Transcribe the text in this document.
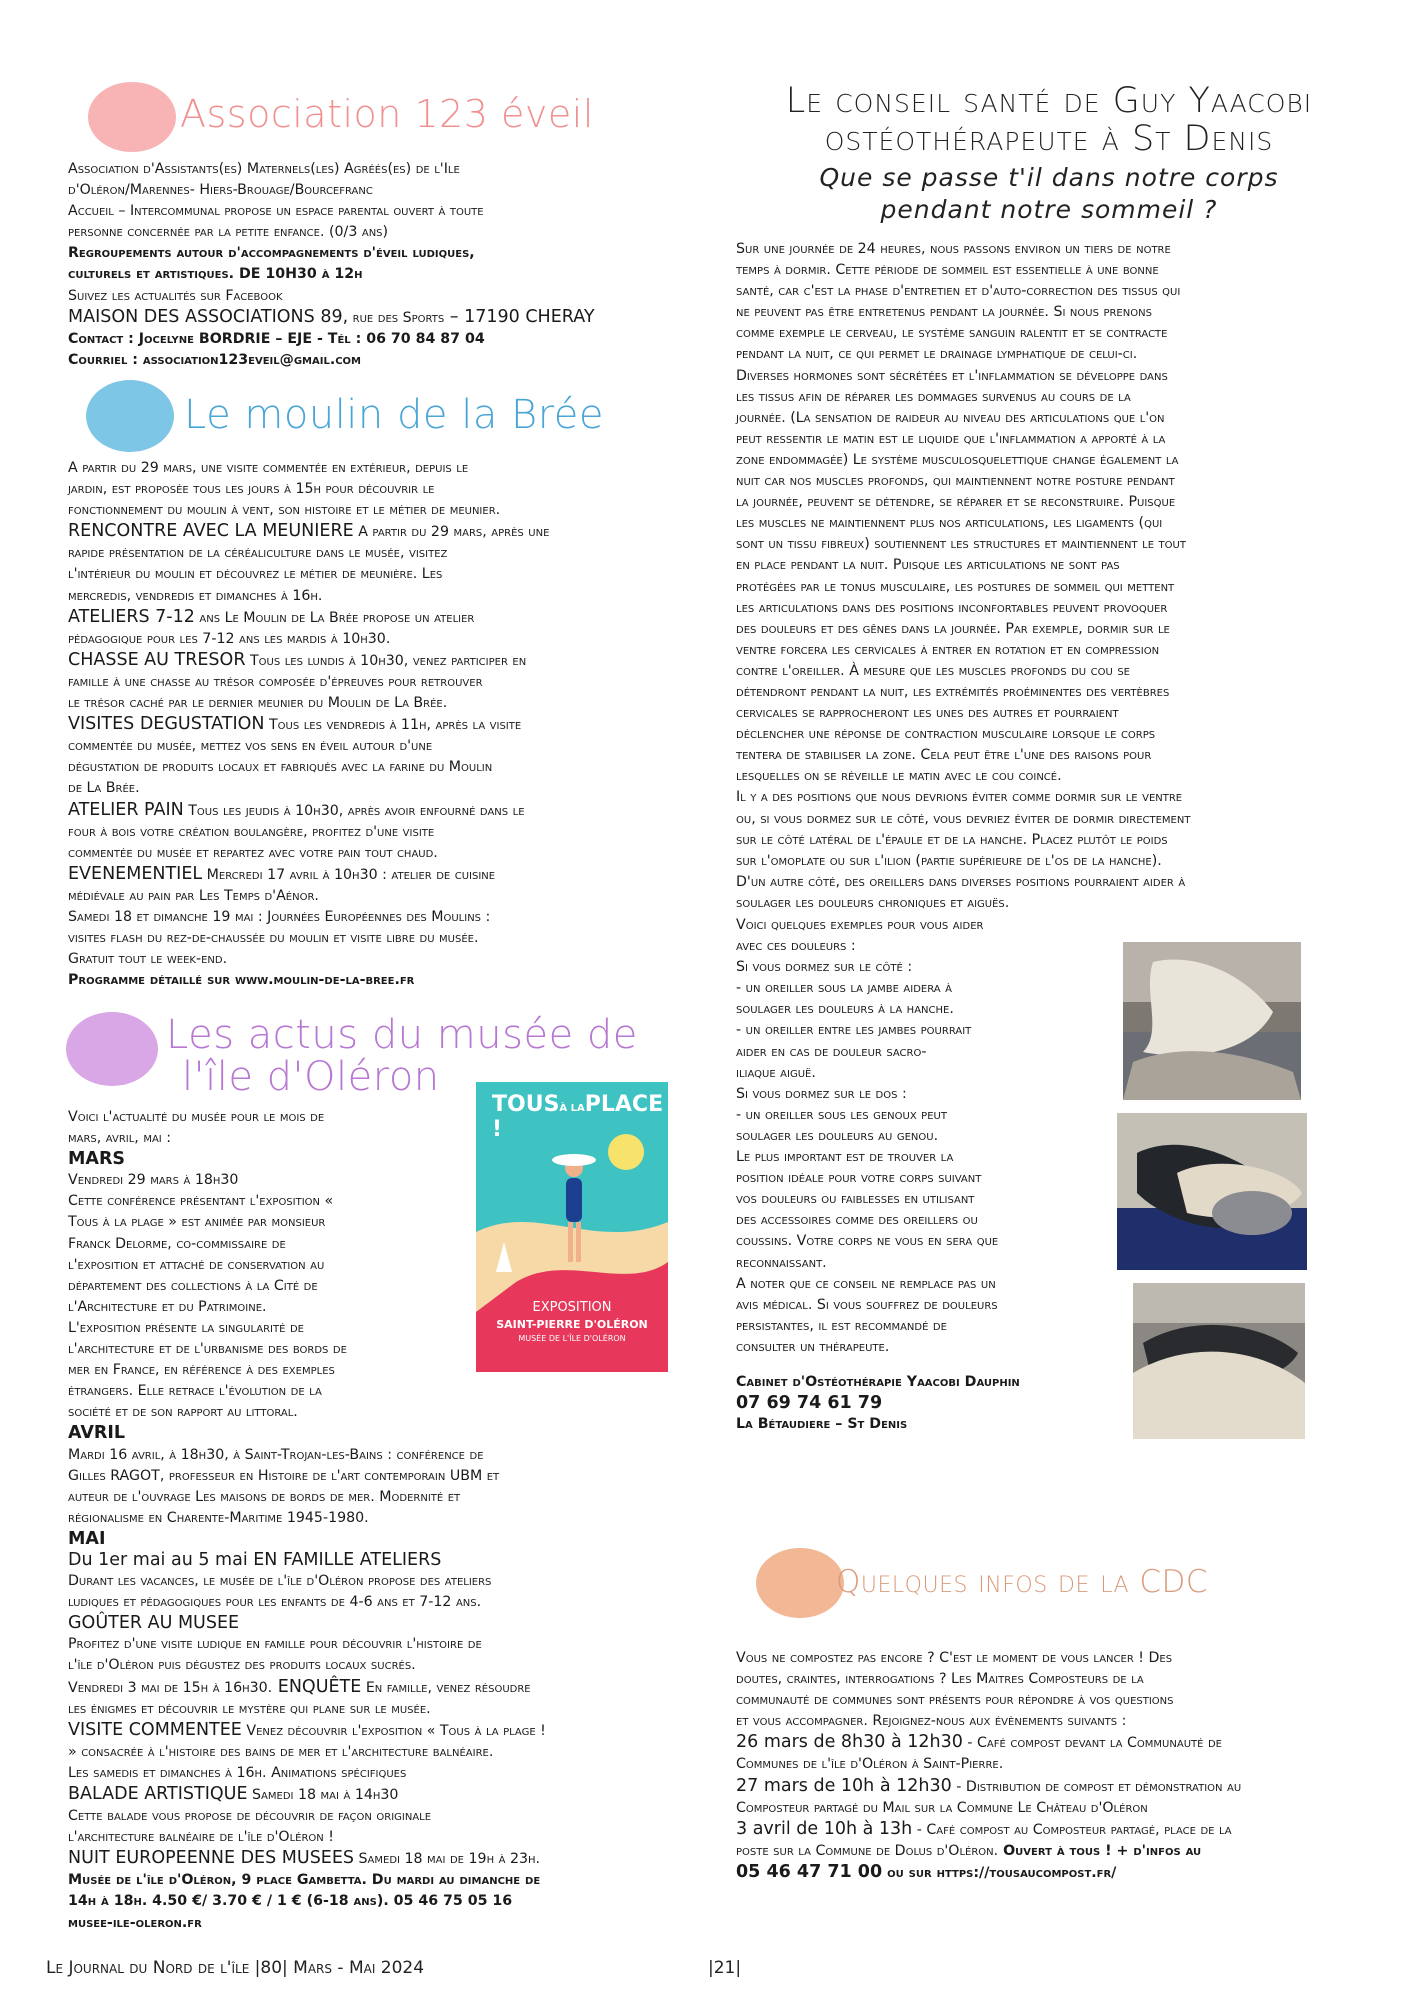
Association 123 éveil

Association d'Assistants(es) Maternels(les) Agréés(es) de l'Ile

d'Oléron/Marennes- Hiers-Brouage/Bourcefranc

Accueil – Intercommunal propose un espace parental ouvert à toute

personne concernée par la petite enfance. (0/3 ans)

Regroupements autour d'accompagnements d'éveil ludiques,

culturels et artistiques. DE 10H30 à 12h

Suivez les actualités sur Facebook

MAISON DES ASSOCIATIONS 89, rue des Sports – 17190 CHERAY

Contact : Jocelyne BORDRIE – EJE - Tél : 06 70 84 87 04

Courriel : association123eveil@gmail.com

Le moulin de la Brée

A partir du 29 mars, une visite commentée en extérieur, depuis le

jardin, est proposée tous les jours à 15h pour découvrir le

fonctionnement du moulin à vent, son histoire et le métier de meunier.

RENCONTRE AVEC LA MEUNIERE A partir du 29 mars, après une

rapide présentation de la céréaliculture dans le musée, visitez

l'intérieur du moulin et découvrez le métier de meunière. Les

mercredis, vendredis et dimanches à 16h.

ATELIERS 7-12 ans Le Moulin de La Brée propose un atelier

pédagogique pour les 7-12 ans les mardis à 10h30.

CHASSE AU TRESOR Tous les lundis à 10h30, venez participer en

famille à une chasse au trésor composée d'épreuves pour retrouver

le trésor caché par le dernier meunier du Moulin de La Brée.

VISITES DEGUSTATION Tous les vendredis à 11h, après la visite

commentée du musée, mettez vos sens en éveil autour d'une

dégustation de produits locaux et fabriqués avec la farine du Moulin

de La Brée.

ATELIER PAIN Tous les jeudis à 10h30, après avoir enfourné dans le

four à bois votre création boulangère, profitez d'une visite

commentée du musée et repartez avec votre pain tout chaud.

EVENEMENTIEL Mercredi 17 avril à 10h30 : atelier de cuisine

médiévale au pain par Les Temps d'Aénor.

Samedi 18 et dimanche 19 mai : Journées Européennes des Moulins :

visites flash du rez-de-chaussée du moulin et visite libre du musée.

Gratuit tout le week-end.

Programme détaillé sur www.moulin-de-la-bree.fr

Les actus du musée de
l'île d'Oléron
TOUSÀ LAPLACE !
EXPOSITION
SAINT-PIERRE D'OLÉRON
MUSÉE DE L'ÎLE D'OLÉRON

Voici l'actualité du musée pour le mois de

mars, avril, mai :

MARS

Vendredi 29 mars à 18h30

Cette conférence présentant l'exposition «

Tous à la plage » est animée par monsieur

Franck Delorme, co-commissaire de

l'exposition et attaché de conservation au

département des collections à la Cité de

l'Architecture et du Patrimoine.

L'exposition présente la singularité de

l'architecture et de l'urbanisme des bords de

mer en France, en référence à des exemples

étrangers. Elle retrace l'évolution de la

société et de son rapport au littoral.

AVRIL

Mardi 16 avril, à 18h30, à Saint-Trojan-les-Bains : conférence de

Gilles RAGOT, professeur en Histoire de l'art contemporain UBM et

auteur de l'ouvrage Les maisons de bords de mer. Modernité et

régionalisme en Charente-Maritime 1945-1980.

MAI

Du 1er mai au 5 mai EN FAMILLE ATELIERS

Durant les vacances, le musée de l'île d'Oléron propose des ateliers

ludiques et pédagogiques pour les enfants de 4-6 ans et 7-12 ans.

GOÛTER AU MUSEE

Profitez d'une visite ludique en famille pour découvrir l'histoire de

l'île d'Oléron puis dégustez des produits locaux sucrés.

Vendredi 3 mai de 15h à 16h30. ENQUÊTE En famille, venez résoudre

les énigmes et découvrir le mystère qui plane sur le musée.

VISITE COMMENTEE Venez découvrir l'exposition « Tous à la plage !

» consacrée à l'histoire des bains de mer et l'architecture balnéaire.

Les samedis et dimanches à 16h. Animations spécifiques

BALADE ARTISTIQUE Samedi 18 mai à 14h30

Cette balade vous propose de découvrir de façon originale

l'architecture balnéaire de l'île d'Oléron !

NUIT EUROPEENNE DES MUSEES Samedi 18 mai de 19h à 23h.

Musée de l'île d'Oléron, 9 place Gambetta. Du mardi au dimanche de

14h à 18h. 4.50 €/ 3.70 € / 1 € (6-18 ans). 05 46 75 05 16

musee-ile-oleron.fr

Le conseil santé de Guy Yaacobi
ostéothérapeute à St Denis
Que se passe t'il dans notre corps
pendant notre sommeil ?

Sur une journée de 24 heures, nous passons environ un tiers de notre

temps à dormir. Cette période de sommeil est essentielle à une bonne

santé, car c'est la phase d'entretien et d'auto-correction des tissus qui

ne peuvent pas être entretenus pendant la journée. Si nous prenons

comme exemple le cerveau, le système sanguin ralentit et se contracte

pendant la nuit, ce qui permet le drainage lymphatique de celui-ci.

Diverses hormones sont sécrétées et l'inflammation se développe dans

les tissus afin de réparer les dommages survenus au cours de la

journée. (La sensation de raideur au niveau des articulations que l'on

peut ressentir le matin est le liquide que l'inflammation a apporté à la

zone endommagée) Le système musculosquelettique change également la

nuit car nos muscles profonds, qui maintiennent notre posture pendant

la journée, peuvent se détendre, se réparer et se reconstruire. Puisque

les muscles ne maintiennent plus nos articulations, les ligaments (qui

sont un tissu fibreux) soutiennent les structures et maintiennent le tout

en place pendant la nuit. Puisque les articulations ne sont pas

protégées par le tonus musculaire, les postures de sommeil qui mettent

les articulations dans des positions inconfortables peuvent provoquer

des douleurs et des gênes dans la journée. Par exemple, dormir sur le

ventre forcera les cervicales à entrer en rotation et en compression

contre l'oreiller. À mesure que les muscles profonds du cou se

détendront pendant la nuit, les extrémités proéminentes des vertèbres

cervicales se rapprocheront les unes des autres et pourraient

déclencher une réponse de contraction musculaire lorsque le corps

tentera de stabiliser la zone. Cela peut être l'une des raisons pour

lesquelles on se réveille le matin avec le cou coincé.

Il y a des positions que nous devrions éviter comme dormir sur le ventre

ou, si vous dormez sur le côté, vous devriez éviter de dormir directement

sur le côté latéral de l'épaule et de la hanche. Placez plutôt le poids

sur l'omoplate ou sur l'ilion (partie supérieure de l'os de la hanche).

D'un autre côté, des oreillers dans diverses positions pourraient aider à

soulager les douleurs chroniques et aiguës.

Voici quelques exemples pour vous aider

avec ces douleurs :

Si vous dormez sur le côté :

- un oreiller sous la jambe aidera à

soulager les douleurs à la hanche.

- un oreiller entre les jambes pourrait

aider en cas de douleur sacro-

iliaque aiguë.

Si vous dormez sur le dos :

- un oreiller sous les genoux peut

soulager les douleurs au genou.

Le plus important est de trouver la

position idéale pour votre corps suivant

vos douleurs ou faiblesses en utilisant

des accessoires comme des oreillers ou

coussins. Votre corps ne vous en sera que

reconnaissant.

A noter que ce conseil ne remplace pas un

avis médical. Si vous souffrez de douleurs

persistantes, il est recommandé de

consulter un thérapeute.

Cabinet d'Ostéothérapie Yaacobi Dauphin

07 69 74 61 79

La Bétaudiere – St Denis

Quelques infos de la CDC

Vous ne compostez pas encore ? C'est le moment de vous lancer ! Des

doutes, craintes, interrogations ? Les Maitres Composteurs de la

communauté de communes sont présents pour répondre à vos questions

et vous accompagner. Rejoignez-nous aux évènements suivants :

26 mars de 8h30 à 12h30 - Café compost devant la Communauté de

Communes de l'île d'Oléron à Saint-Pierre.

27 mars de 10h à 12h30 - Distribution de compost et démonstration au

Composteur partagé du Mail sur la Commune Le Château d'Oléron

3 avril de 10h à 13h - Café compost au Composteur partagé, place de la

poste sur la Commune de Dolus d'Oléron. Ouvert à tous ! + d'infos au

05 46 47 71 00 ou sur https://tousaucompost.fr/

Le Journal du Nord de l'île |80| Mars - Mai 2024	|21|
